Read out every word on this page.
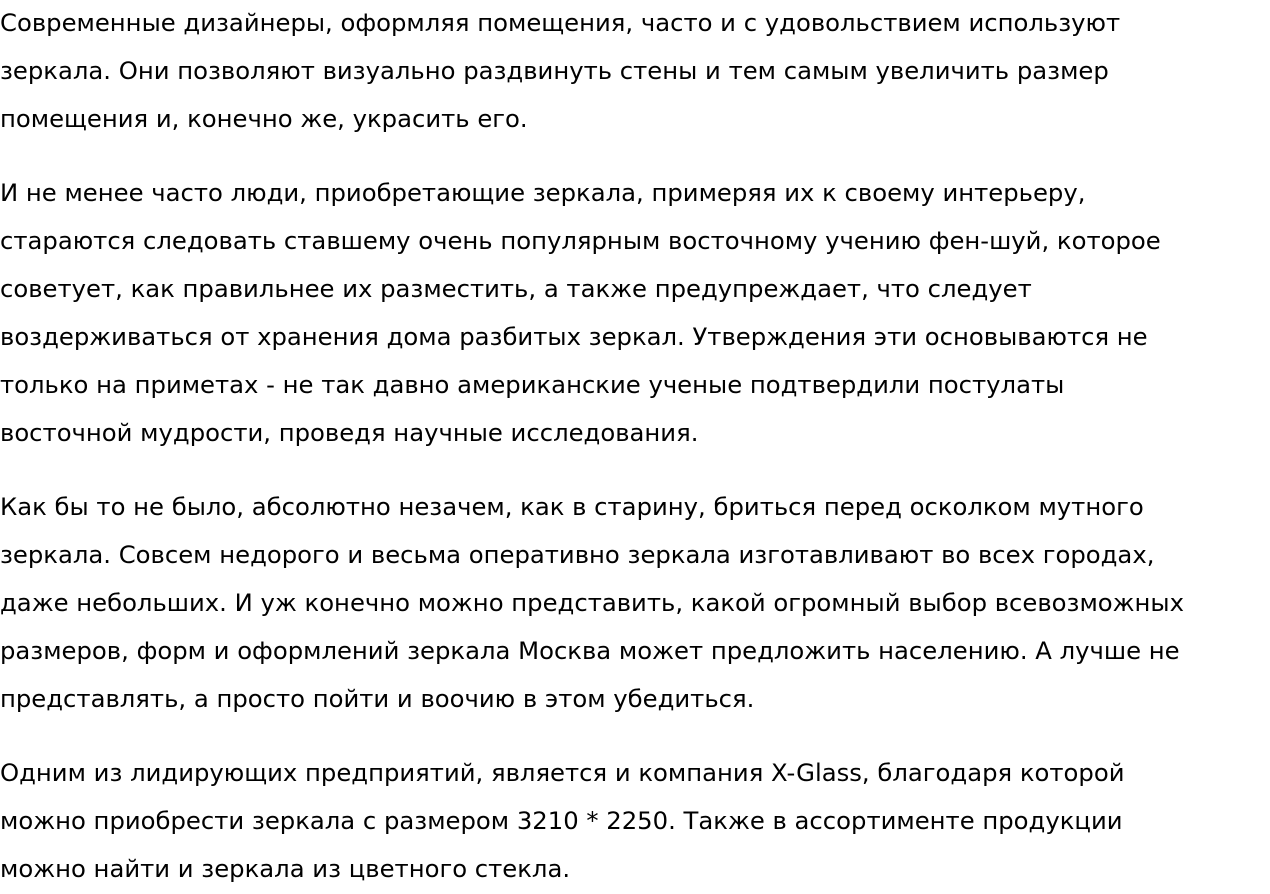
Современные дизайнеры, оформляя помещения, часто и с удовольствием используют
зеркала. Они позволяют визуально раздвинуть стены и тем самым увеличить размер
помещения и, конечно же, украсить его.

И не менее часто люди, приобретающие зеркала, примеряя их к своему интерьеру,
стараются следовать ставшему очень популярным восточному учению фен-шуй, которое
советует, как правильнее их разместить, а также предупреждает, что следует
воздерживаться от хранения дома разбитых зеркал. Утверждения эти основываются не
только на приметах - не так давно американские ученые подтвердили постулаты
восточной мудрости, проведя научные исследования.

Как бы то не было, абсолютно незачем, как в старину, бриться перед осколком мутного
зеркала. Совсем недорого и весьма оперативно зеркала изготавливают во всех городах,
даже небольших. И уж конечно можно представить, какой огромный выбор всевозможных
размеров, форм и оформлений зеркала Москва может предложить населению. А лучше не
представлять, а просто пойти и воочию в этом убедиться.

Одним из лидирующих предприятий, является и компания X-Glass, благодаря которой
можно приобрести зеркала с размером 3210 * 2250. Также в ассортименте продукции
можно найти и зеркала из цветного стекла.
